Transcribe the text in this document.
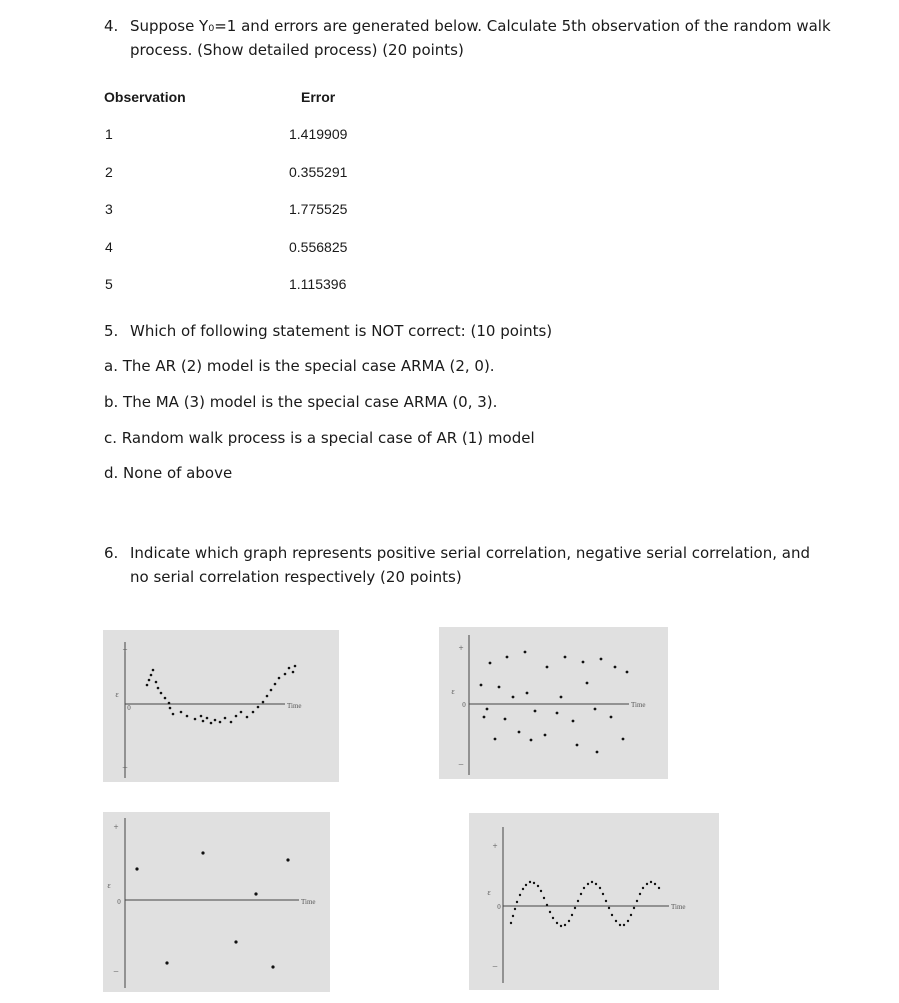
4. Suppose Y₀=1 and errors are generated below. Calculate 5th observation of the random walk
process. (Show detailed process) (20 points)
Observation	Error
1	1.419909
2	0.355291
3	1.775525
4	0.556825
5	1.115396
5. Which of following statement is NOT correct: (10 points)
a. The AR (2) model is the special case ARMA (2, 0).
b. The MA (3) model is the special case ARMA (0, 3).
c. Random walk process is a special case of AR (1) model
d. None of above
6. Indicate which graph represents positive serial correlation, negative serial correlation, and
no serial correlation respectively (20 points)
+
–
ε
0	Time
+
–
ε
0	Time
+
–
ε
0	Time
+
–
ε
0	Time
